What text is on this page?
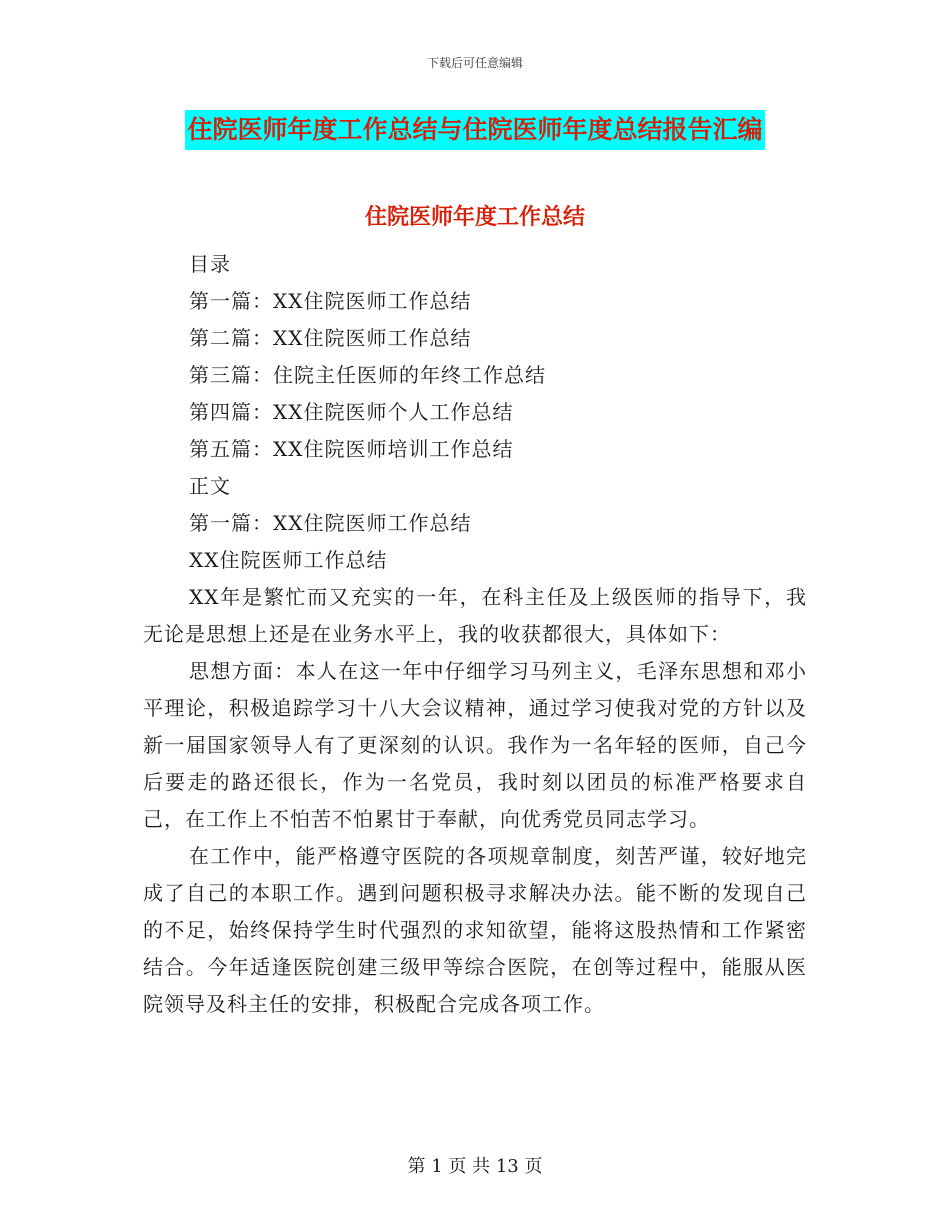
下载后可任意编辑
住院医师年度工作总结与住院医师年度总结报告汇编
住院医师年度工作总结

目录

第一篇：XX住院医师工作总结

第二篇：XX住院医师工作总结

第三篇：住院主任医师的年终工作总结

第四篇：XX住院医师个人工作总结

第五篇：XX住院医师培训工作总结

正文

第一篇：XX住院医师工作总结

XX住院医师工作总结

XX年是繁忙而又充实的一年，在科主任及上级医师的指导下，我无论是思想上还是在业务水平上，我的收获都很大，具体如下：

思想方面：本人在这一年中仔细学习马列主义，毛泽东思想和邓小平理论，积极追踪学习十八大会议精神，通过学习使我对党的方针以及新一届国家领导人有了更深刻的认识。我作为一名年轻的医师，自己今后要走的路还很长，作为一名党员，我时刻以团员的标准严格要求自己，在工作上不怕苦不怕累甘于奉献，向优秀党员同志学习。

在工作中，能严格遵守医院的各项规章制度，刻苦严谨，较好地完成了自己的本职工作。遇到问题积极寻求解决办法。能不断的发现自己的不足，始终保持学生时代强烈的求知欲望，能将这股热情和工作紧密结合。今年适逢医院创建三级甲等综合医院，在创等过程中，能服从医院领导及科主任的安排，积极配合完成各项工作。

第 1 页 共 13 页
